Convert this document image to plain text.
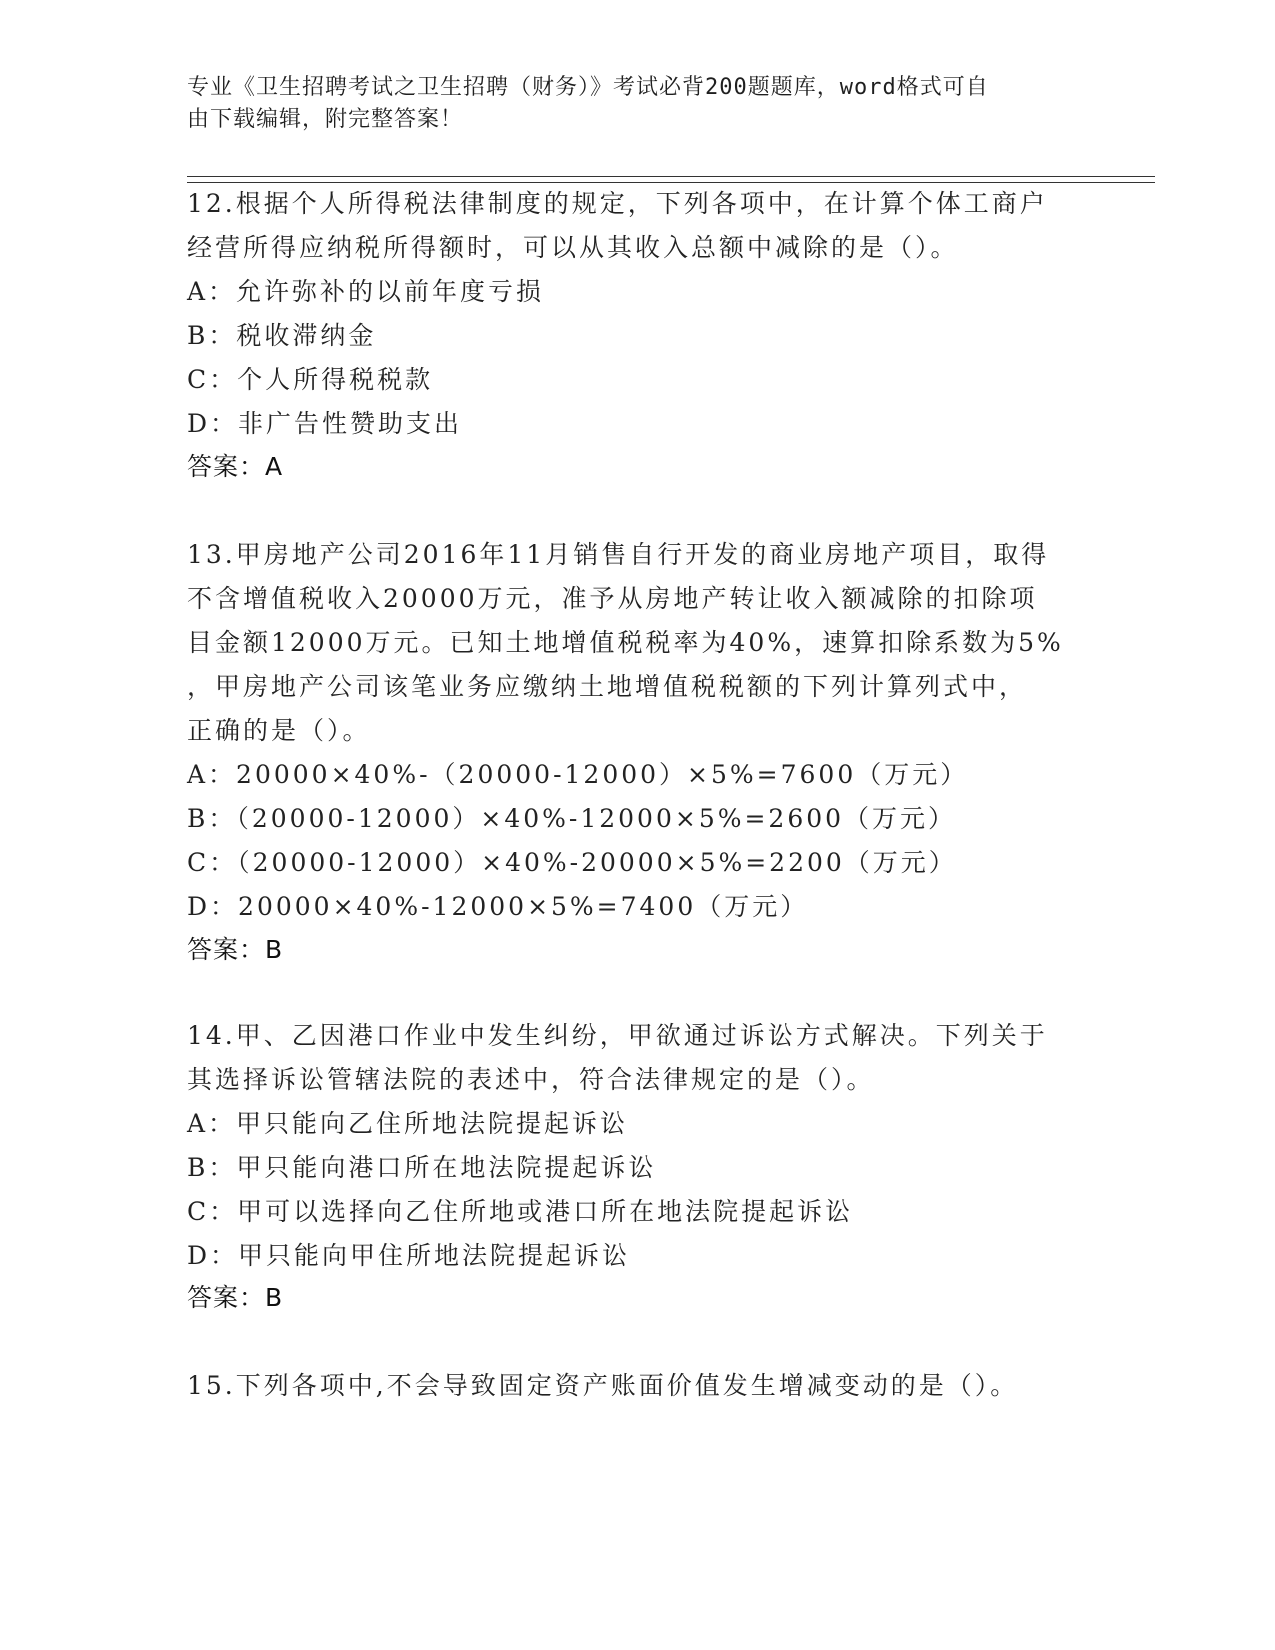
专业《卫生招聘考试之卫生招聘（财务）》考试必背200题题库，word格式可自
由下载编辑，附完整答案！
12.根据个人所得税法律制度的规定，下列各项中，在计算个体工商户
经营所得应纳税所得额时，可以从其收入总额中减除的是（）。
A：允许弥补的以前年度亏损
B：税收滞纳金
C：个人所得税税款
D：非广告性赞助支出
答案：A
13.甲房地产公司2016年11月销售自行开发的商业房地产项目，取得
不含增值税收入20000万元，准予从房地产转让收入额减除的扣除项
目金额12000万元。已知土地增值税税率为40%，速算扣除系数为5%
，甲房地产公司该笔业务应缴纳土地增值税税额的下列计算列式中，
正确的是（）。
A：20000×40%-（20000-12000）×5%=7600（万元）
B：（20000-12000）×40%-12000×5%=2600（万元）
C：（20000-12000）×40%-20000×5%=2200（万元）
D：20000×40%-12000×5%=7400（万元）
答案：B
14.甲、乙因港口作业中发生纠纷，甲欲通过诉讼方式解决。下列关于
其选择诉讼管辖法院的表述中，符合法律规定的是（）。
A：甲只能向乙住所地法院提起诉讼
B：甲只能向港口所在地法院提起诉讼
C：甲可以选择向乙住所地或港口所在地法院提起诉讼
D：甲只能向甲住所地法院提起诉讼
答案：B
15.下列各项中,不会导致固定资产账面价值发生增减变动的是（）。
